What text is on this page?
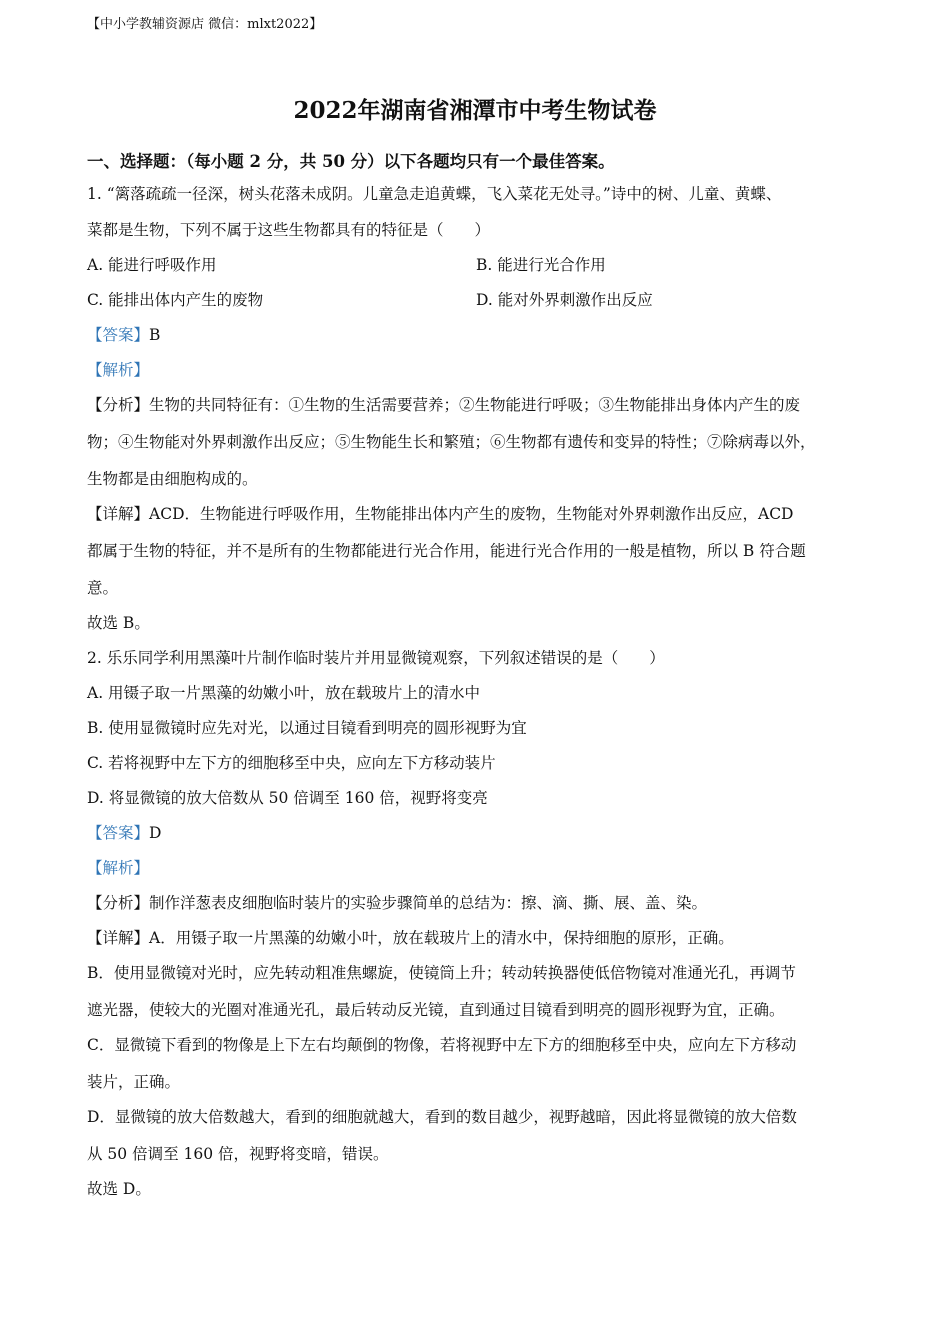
【中小学教辅资源店 微信：mlxt2022】
2022年湖南省湘潭市中考生物试卷
一、选择题：（每小题 2 分，共 50 分）以下各题均只有一个最佳答案。
1. “篱落疏疏一径深，树头花落未成阴。儿童急走追黄蝶，飞入菜花无处寻。”诗中的树、儿童、黄蝶、
菜都是生物，下列不属于这些生物都具有的特征是（　　）
A. 能进行呼吸作用	B. 能进行光合作用
C. 能排出体内产生的废物	D. 能对外界刺激作出反应
【答案】B
【解析】
【分析】生物的共同特征有：①生物的生活需要营养；②生物能进行呼吸；③生物能排出身体内产生的废
物；④生物能对外界刺激作出反应；⑤生物能生长和繁殖；⑥生物都有遗传和变异的特性；⑦除病毒以外，
生物都是由细胞构成的。
【详解】ACD．生物能进行呼吸作用，生物能排出体内产生的废物，生物能对外界刺激作出反应，ACD
都属于生物的特征，并不是所有的生物都能进行光合作用，能进行光合作用的一般是植物，所以 B 符合题
意。
故选 B。
2. 乐乐同学利用黑藻叶片制作临时装片并用显微镜观察，下列叙述错误的是（　　）
A. 用镊子取一片黑藻的幼嫩小叶，放在载玻片上的清水中
B. 使用显微镜时应先对光，以通过目镜看到明亮的圆形视野为宜
C. 若将视野中左下方的细胞移至中央，应向左下方移动装片
D. 将显微镜的放大倍数从 50 倍调至 160 倍，视野将变亮
【答案】D
【解析】
【分析】制作洋葱表皮细胞临时装片的实验步骤简单的总结为：擦、滴、撕、展、盖、染。
【详解】A．用镊子取一片黑藻的幼嫩小叶，放在载玻片上的清水中，保持细胞的原形，正确。
B．使用显微镜对光时，应先转动粗准焦螺旋，使镜筒上升；转动转换器使低倍物镜对准通光孔，再调节
遮光器，使较大的光圈对准通光孔，最后转动反光镜，直到通过目镜看到明亮的圆形视野为宜，正确。
C．显微镜下看到的物像是上下左右均颠倒的物像，若将视野中左下方的细胞移至中央，应向左下方移动
装片，正确。
D．显微镜的放大倍数越大，看到的细胞就越大，看到的数目越少，视野越暗，因此将显微镜的放大倍数
从 50 倍调至 160 倍，视野将变暗，错误。
故选 D。
